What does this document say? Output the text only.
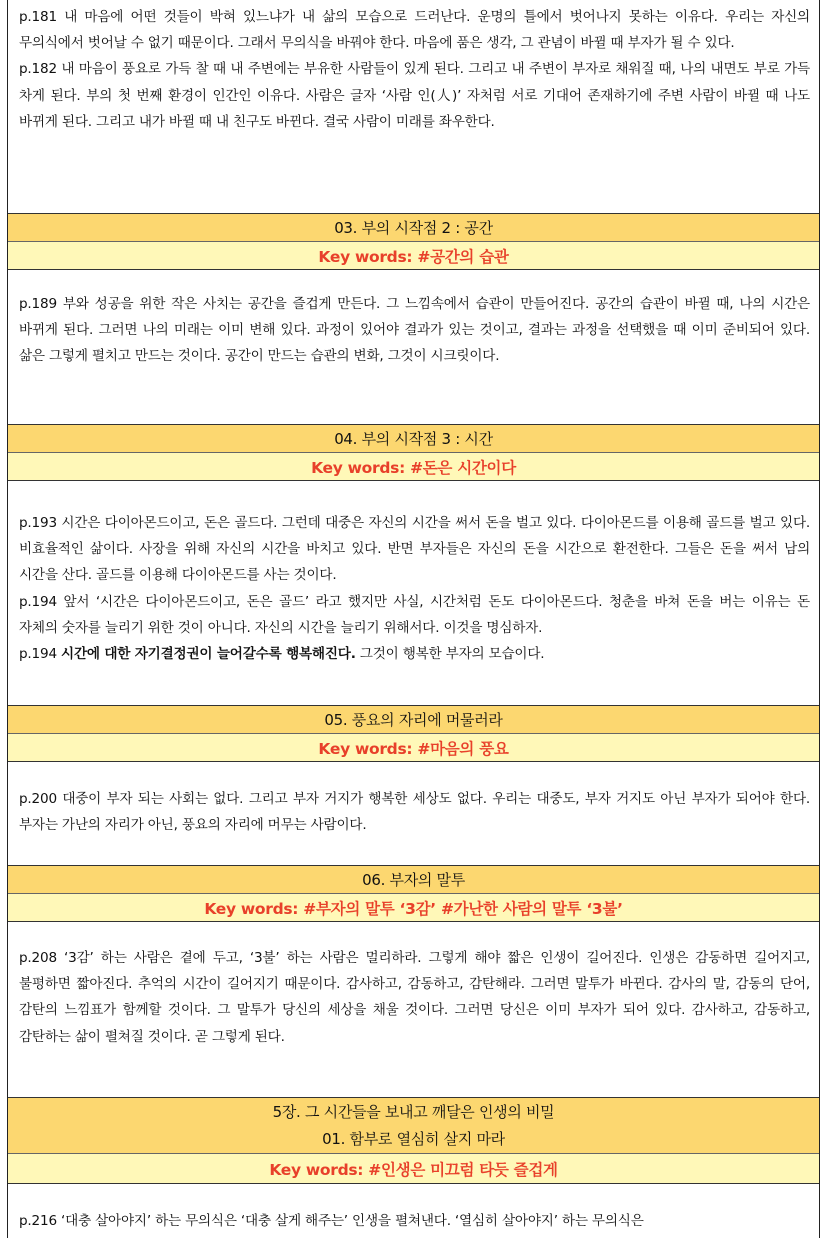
p.181 내 마음에 어떤 것들이 박혀 있느냐가 내 삶의 모습으로 드러난다. 운명의 틀에서 벗어나지 못하는 이유다. 우리는 자신의 무의식에서 벗어날 수 없기 때문이다. 그래서 무의식을 바꿔야 한다. 마음에 품은 생각, 그 관념이 바뀔 때 부자가 될 수 있다.

p.182 내 마음이 풍요로 가득 찰 때 내 주변에는 부유한 사람들이 있게 된다. 그리고 내 주변이 부자로 채워질 때, 나의 내면도 부로 가득 차게 된다. 부의 첫 번째 환경이 인간인 이유다. 사람은 글자 ‘사람 인(人)’ 자처럼 서로 기대어 존재하기에 주변 사람이 바뀔 때 나도 바뀌게 된다. 그리고 내가 바뀔 때 내 친구도 바뀐다. 결국 사람이 미래를 좌우한다.

03. 부의 시작점 2 : 공간
Key words: #공간의 습관

p.189 부와 성공을 위한 작은 사치는 공간을 즐겁게 만든다. 그 느낌속에서 습관이 만들어진다. 공간의 습관이 바뀔 때, 나의 시간은 바뀌게 된다. 그러면 나의 미래는 이미 변해 있다. 과정이 있어야 결과가 있는 것이고, 결과는 과정을 선택했을 때 이미 준비되어 있다. 삶은 그렇게 펼치고 만드는 것이다. 공간이 만드는 습관의 변화, 그것이 시크릿이다.

04. 부의 시작점 3 : 시간
Key words: #돈은 시간이다

p.193 시간은 다이아몬드이고, 돈은 골드다. 그런데 대중은 자신의 시간을 써서 돈을 벌고 있다. 다이아몬드를 이용해 골드를 벌고 있다. 비효율적인 삶이다. 사장을 위해 자신의 시간을 바치고 있다. 반면 부자들은 자신의 돈을 시간으로 환전한다. 그들은 돈을 써서 남의 시간을 산다. 골드를 이용해 다이아몬드를 사는 것이다.

p.194 앞서 ‘시간은 다이아몬드이고, 돈은 골드’ 라고 했지만 사실, 시간처럼 돈도 다이아몬드다. 청춘을 바쳐 돈을 버는 이유는 돈 자체의 숫자를 늘리기 위한 것이 아니다. 자신의 시간을 늘리기 위해서다. 이것을 명심하자.

p.194 시간에 대한 자기결정권이 늘어갈수록 행복해진다. 그것이 행복한 부자의 모습이다.

05. 풍요의 자리에 머물러라
Key words: #마음의 풍요

p.200 대중이 부자 되는 사회는 없다. 그리고 부자 거지가 행복한 세상도 없다. 우리는 대중도, 부자 거지도 아닌 부자가 되어야 한다. 부자는 가난의 자리가 아닌, 풍요의 자리에 머무는 사람이다.

06. 부자의 말투
Key words: #부자의 말투 ‘3감’ #가난한 사람의 말투 ‘3불’

p.208 ‘3감’ 하는 사람은 곁에 두고, ‘3불’ 하는 사람은 멀리하라. 그렇게 해야 짧은 인생이 길어진다. 인생은 감동하면 길어지고, 불평하면 짧아진다. 추억의 시간이 길어지기 때문이다. 감사하고, 감동하고, 감탄해라. 그러면 말투가 바뀐다. 감사의 말, 감동의 단어, 감탄의 느낌표가 함께할 것이다. 그 말투가 당신의 세상을 채울 것이다. 그러면 당신은 이미 부자가 되어 있다. 감사하고, 감동하고, 감탄하는 삶이 펼쳐질 것이다. 곧 그렇게 된다.

5장. 그 시간들을 보내고 깨달은 인생의 비밀
01. 함부로 열심히 살지 마라
Key words: #인생은 미끄럼 타듯 즐겁게

p.216 ‘대충 살아야지’ 하는 무의식은 ‘대충 살게 해주는’ 인생을 펼쳐낸다. ‘열심히 살아야지’ 하는 무의식은
